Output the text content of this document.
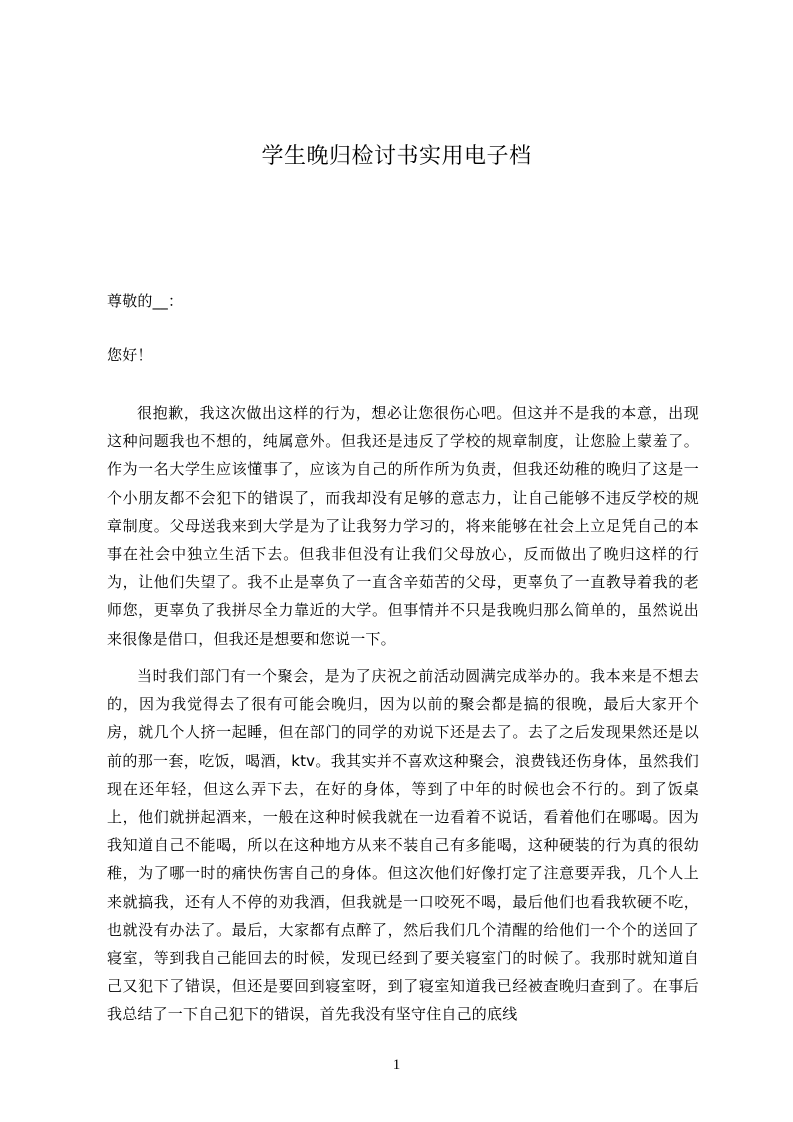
学生晚归检讨书实用电子档
尊敬的__：
您好！

很抱歉，我这次做出这样的行为，想必让您很伤心吧。但这并不是我的本意，出现这种问题我也不想的，纯属意外。但我还是违反了学校的规章制度，让您脸上蒙羞了。作为一名大学生应该懂事了，应该为自己的所作所为负责，但我还幼稚的晚归了这是一个小朋友都不会犯下的错误了，而我却没有足够的意志力，让自己能够不违反学校的规章制度。父母送我来到大学是为了让我努力学习的，将来能够在社会上立足凭自己的本事在社会中独立生活下去。但我非但没有让我们父母放心，反而做出了晚归这样的行为，让他们失望了。我不止是辜负了一直含辛茹苦的父母，更辜负了一直教导着我的老师您，更辜负了我拼尽全力靠近的大学。但事情并不只是我晚归那么简单的，虽然说出来很像是借口，但我还是想要和您说一下。

当时我们部门有一个聚会，是为了庆祝之前活动圆满完成举办的。我本来是不想去的，因为我觉得去了很有可能会晚归，因为以前的聚会都是搞的很晚，最后大家开个房，就几个人挤一起睡，但在部门的同学的劝说下还是去了。去了之后发现果然还是以前的那一套，吃饭，喝酒，ktv。我其实并不喜欢这种聚会，浪费钱还伤身体，虽然我们现在还年轻，但这么弄下去，在好的身体，等到了中年的时候也会不行的。到了饭桌上，他们就拼起酒来，一般在这种时候我就在一边看着不说话，看着他们在哪喝。因为我知道自己不能喝，所以在这种地方从来不装自己有多能喝，这种硬装的行为真的很幼稚，为了哪一时的痛快伤害自己的身体。但这次他们好像打定了注意要弄我，几个人上来就搞我，还有人不停的劝我酒，但我就是一口咬死不喝，最后他们也看我软硬不吃，也就没有办法了。最后，大家都有点醉了，然后我们几个清醒的给他们一个个的送回了寝室，等到我自己能回去的时候，发现已经到了要关寝室门的时候了。我那时就知道自己又犯下了错误，但还是要回到寝室呀，到了寝室知道我已经被查晚归查到了。在事后我总结了一下自己犯下的错误，首先我没有坚守住自己的底线

1
